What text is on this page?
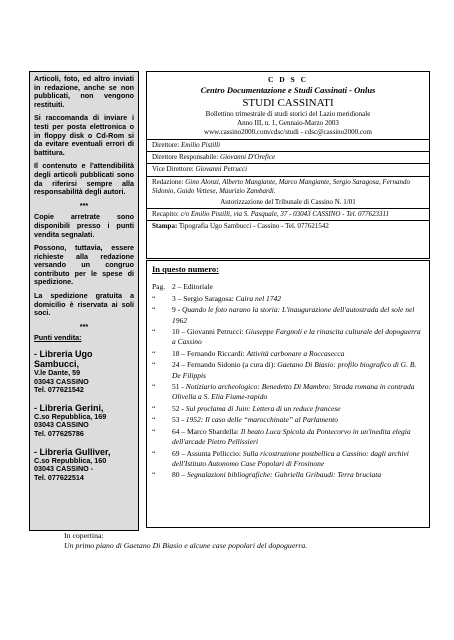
Articoli, foto, ed altro inviati in redazione, anche se non pubblicati, non vengono restituiti.

Si raccomanda di inviare i testi per posta elettronica o in floppy disk o Cd-Rom si da evitare eventuali errori di battitura.

Il contenuto e l'attendibilità degli articoli pubblicati sono da riferirsi sempre alla responsabilità degli autori.

***

Copie arretrate sono disponibili presso i punti vendita segnalati.

Possono, tuttavia, essere richieste alla redazione versando un congruo contributo per le spese di spedizione.

La spedizione gratuita a domicilio è riservata ai soli soci.

***
Punti vendita:
- Libreria Ugo Sambucci,
V.le Dante, 59
03043 CASSINO
Tel. 077621542
- Libreria Gerini,
C.so Repubblica, 169
03043 CASSINO
Tel. 077625786
- Libreria Gulliver,
C.so Repubblica, 160
03043 CASSINO -
Tel. 077622514
C D S C
Centro Documentazione e Studi Cassinati - Onlus
STUDI CASSINATI
Bollettino trimestrale di studi storici del Lazio meridionale
Anno III, n. 1, Gennaio-Marzo 2003
www.cassino2000.com/cdsc/studi - cdsc@cassino2000.com
Direttore: Emilio Pistilli
Direttore Responsabile: Giovanni D'Orefice
Vice Direttore: Giovanni Petrucci
Redazione: Gino Alonzi, Alberto Mangiante, Marco Mangiante, Sergio Saragosa, Fernando Sidonio, Guido Vettese, Maurizio Zambardi.
Autorizzazione del Tribunale di Cassino N. 1/01
Recapito: c/o Emilio Pistilli, via S. Pasquale, 37 - 03043 CASSINO - Tel. 077623311
Stampa: Tipografia Ugo Sambucci - Cassino - Tel. 077621542
In questo numero:
Pag. 2 – Editoriale
“	3 – Sergio Saragosa: Caira nel 1742
“	9 - Quando le foto narano la storia: L'inaugurazione dell'autostrada del sole nel 1962
“	10 – Giovanni Petrucci: Giuseppe Fargnoli e la rinascita culturale del dopoguerra a Cassino
“	18 – Fernando Riccardi: Attività carbonare a Roccasecca
“	24 – Fernando Sidonio (a cura di): Gaetano Di Biasio: profilo biografico di G. B. De Filippis
“	51 - Notiziario archeologico: Benedetto Di Mambro: Strada romana in contrada Olivella a S. Elia Fiume-rapido
“	52 - Sul proclama di Juin: Lettera di un reduce francese
“	53 - 1952: Il caso delle “marocchinate” al Parlamento
“	64 – Marco Sbardella: Il beato Luca Spicola da Pontecorvo in un'inedita elegia dell'arcade Pietro Pellissieri
“	69 – Assunta Pelliccio: Sulla ricostruzione postbellica a Cassino: dagli archivi dell'Istituto Autonomo Case Popolari di Frosinone
“	80 – Segnalazioni bibliografiche: Gabriella Gribaudi: Terra bruciata
In copertina:
Un primo piano di Gaetano Di Biasio e alcune case popolari del dopoguerra.
